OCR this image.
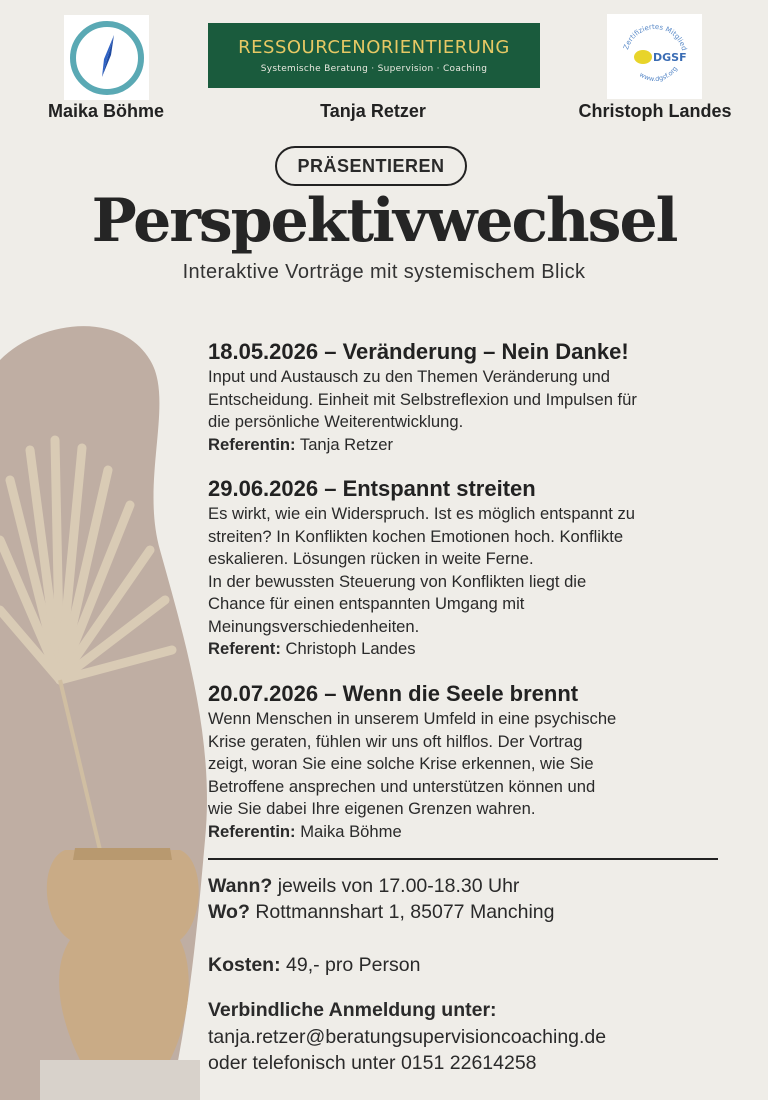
RESSOURCENORIENTIERUNG
Systemische Beratung · Supervision · Coaching
Zertifiziertes Mitglied
www.dgsf.org
DGSF
Maika Böhme	Tanja Retzer	Christoph Landes
PRÄSENTIEREN
Perspektivwechsel
Interaktive Vorträge mit systemischem Blick
18.05.2026 – Veränderung – Nein Danke!

Input und Austausch zu den Themen Veränderung und

Entscheidung. Einheit mit Selbstreflexion und Impulsen für

die persönliche Weiterentwicklung.

Referentin: Tanja Retzer

29.06.2026 – Entspannt streiten

Es wirkt, wie ein Widerspruch. Ist es möglich entspannt zu

streiten? In Konflikten kochen Emotionen hoch. Konflikte

eskalieren. Lösungen rücken in weite Ferne.

In der bewussten Steuerung von Konflikten liegt die

Chance für einen entspannten Umgang mit

Meinungsverschiedenheiten.

Referent: Christoph Landes

20.07.2026 – Wenn die Seele brennt

Wenn Menschen in unserem Umfeld in eine psychische

Krise geraten, fühlen wir uns oft hilflos. Der Vortrag

zeigt, woran Sie eine solche Krise erkennen, wie Sie

Betroffene ansprechen und unterstützen können und

wie Sie dabei Ihre eigenen Grenzen wahren.

Referentin: Maika Böhme

Wann? jeweils von 17.00-18.30 Uhr
Wo? Rottmannshart 1, 85077 Manching
Kosten: 49,- pro Person
Verbindliche Anmeldung unter:
tanja.retzer@beratungsupervisioncoaching.de
oder telefonisch unter 0151 22614258
